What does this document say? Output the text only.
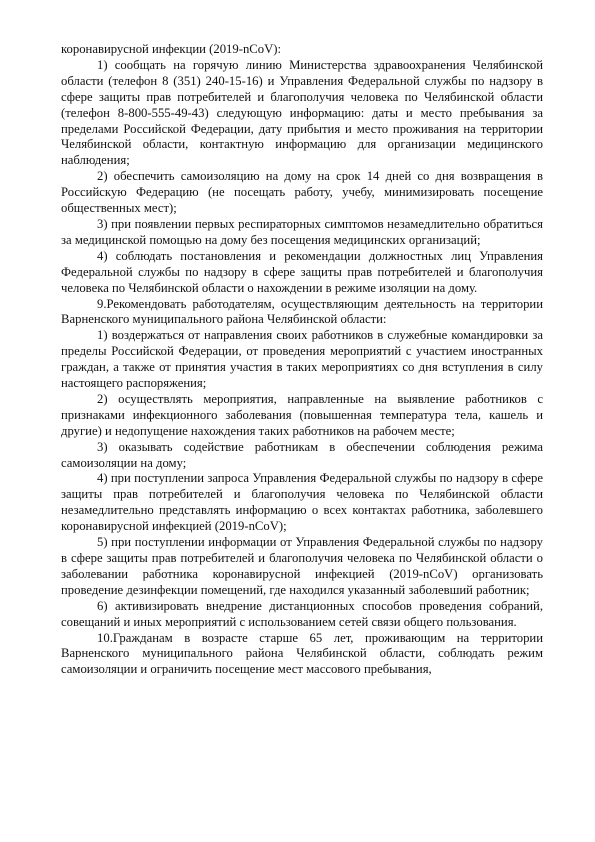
коронавирусной инфекции (2019-nCoV):

1) сообщать на горячую линию Министерства здравоохранения Челябинской области (телефон 8 (351) 240-15-16) и Управления Федеральной службы по надзору в сфере защиты прав потребителей и благополучия человека по Челябинской области (телефон 8-800-555-49-43) следующую информацию: даты и место пребывания за пределами Российской Федерации, дату прибытия и место проживания на территории Челябинской области, контактную информацию для организации медицинского наблюдения;

2) обеспечить самоизоляцию на дому на срок 14 дней со дня возвращения в Российскую Федерацию (не посещать работу, учебу, минимизировать посещение общественных мест);

3) при появлении первых респираторных симптомов незамедлительно обратиться за медицинской помощью на дому без посещения медицинских организаций;

4) соблюдать постановления и рекомендации должностных лиц Управления Федеральной службы по надзору в сфере защиты прав потребителей и благополучия человека по Челябинской области о нахождении в режиме изоляции на дому.

9.Рекомендовать работодателям, осуществляющим деятельность на территории Варненского муниципального района Челябинской области:

1) воздержаться от направления своих работников в служебные командировки за пределы Российской Федерации, от проведения мероприятий с участием иностранных граждан, а также от принятия участия в таких мероприятиях со дня вступления в силу настоящего распоряжения;

2) осуществлять мероприятия, направленные на выявление работников с признаками инфекционного заболевания (повышенная температура тела, кашель и другие) и недопущение нахождения таких работников на рабочем месте;

3) оказывать содействие работникам в обеспечении соблюдения режима самоизоляции на дому;

4) при поступлении запроса Управления Федеральной службы по надзору в сфере защиты прав потребителей и благополучия человека по Челябинской области незамедлительно представлять информацию о всех контактах работника, заболевшего коронавирусной инфекцией (2019-nCoV);

5) при поступлении информации от Управления Федеральной службы по надзору в сфере защиты прав потребителей и благополучия человека по Челябинской области о заболевании работника коронавирусной инфекцией (2019-nCoV) организовать проведение дезинфекции помещений, где находился указанный заболевший работник;

6) активизировать внедрение дистанционных способов проведения собраний, совещаний и иных мероприятий с использованием сетей связи общего пользования.

10.Гражданам в возрасте старше 65 лет, проживающим на территории Варненского муниципального района Челябинской области, соблюдать режим самоизоляции и ограничить посещение мест массового пребывания,
